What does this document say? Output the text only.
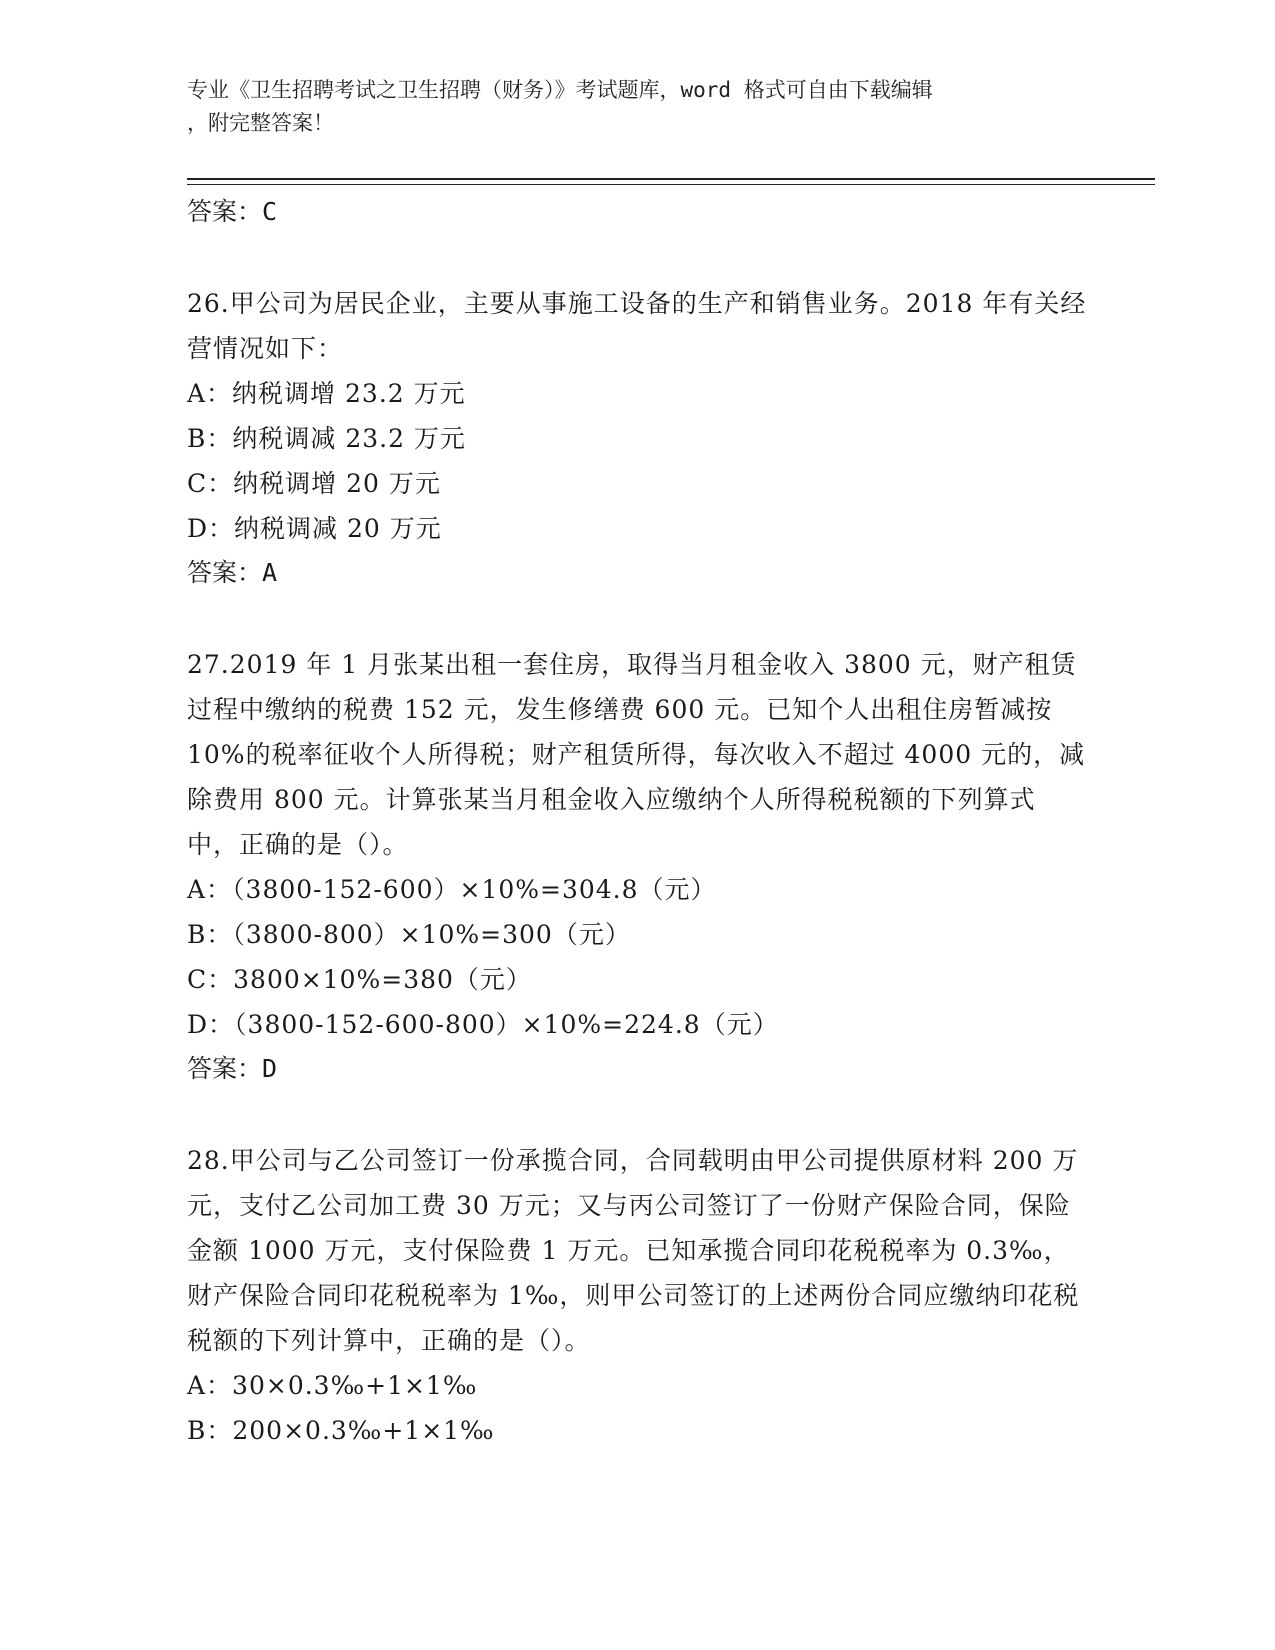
专业《卫生招聘考试之卫生招聘（财务）》考试题库，word 格式可自由下载编辑
，附完整答案！

答案：C

26.甲公司为居民企业，主要从事施工设备的生产和销售业务。2018 年有关经营情况如下：

A：纳税调增 23.2 万元

B：纳税调减 23.2 万元

C：纳税调增 20 万元

D：纳税调减 20 万元

答案：A

27.2019 年 1 月张某出租一套住房，取得当月租金收入 3800 元，财产租赁过程中缴纳的税费 152 元，发生修缮费 600 元。已知个人出租住房暂减按 10%的税率征收个人所得税；财产租赁所得，每次收入不超过 4000 元的，减除费用 800 元。计算张某当月租金收入应缴纳个人所得税税额的下列算式中，正确的是（）。

A：（3800-152-600）×10%=304.8（元）

B：（3800-800）×10%=300（元）

C：3800×10%=380（元）

D：（3800-152-600-800）×10%=224.8（元）

答案：D

28.甲公司与乙公司签订一份承揽合同，合同载明由甲公司提供原材料 200 万元，支付乙公司加工费 30 万元；又与丙公司签订了一份财产保险合同，保险金额 1000 万元，支付保险费 1 万元。已知承揽合同印花税税率为 0.3‰，财产保险合同印花税税率为 1‰，则甲公司签订的上述两份合同应缴纳印花税税额的下列计算中，正确的是（）。

A：30×0.3‰+1×1‰

B：200×0.3‰+1×1‰
